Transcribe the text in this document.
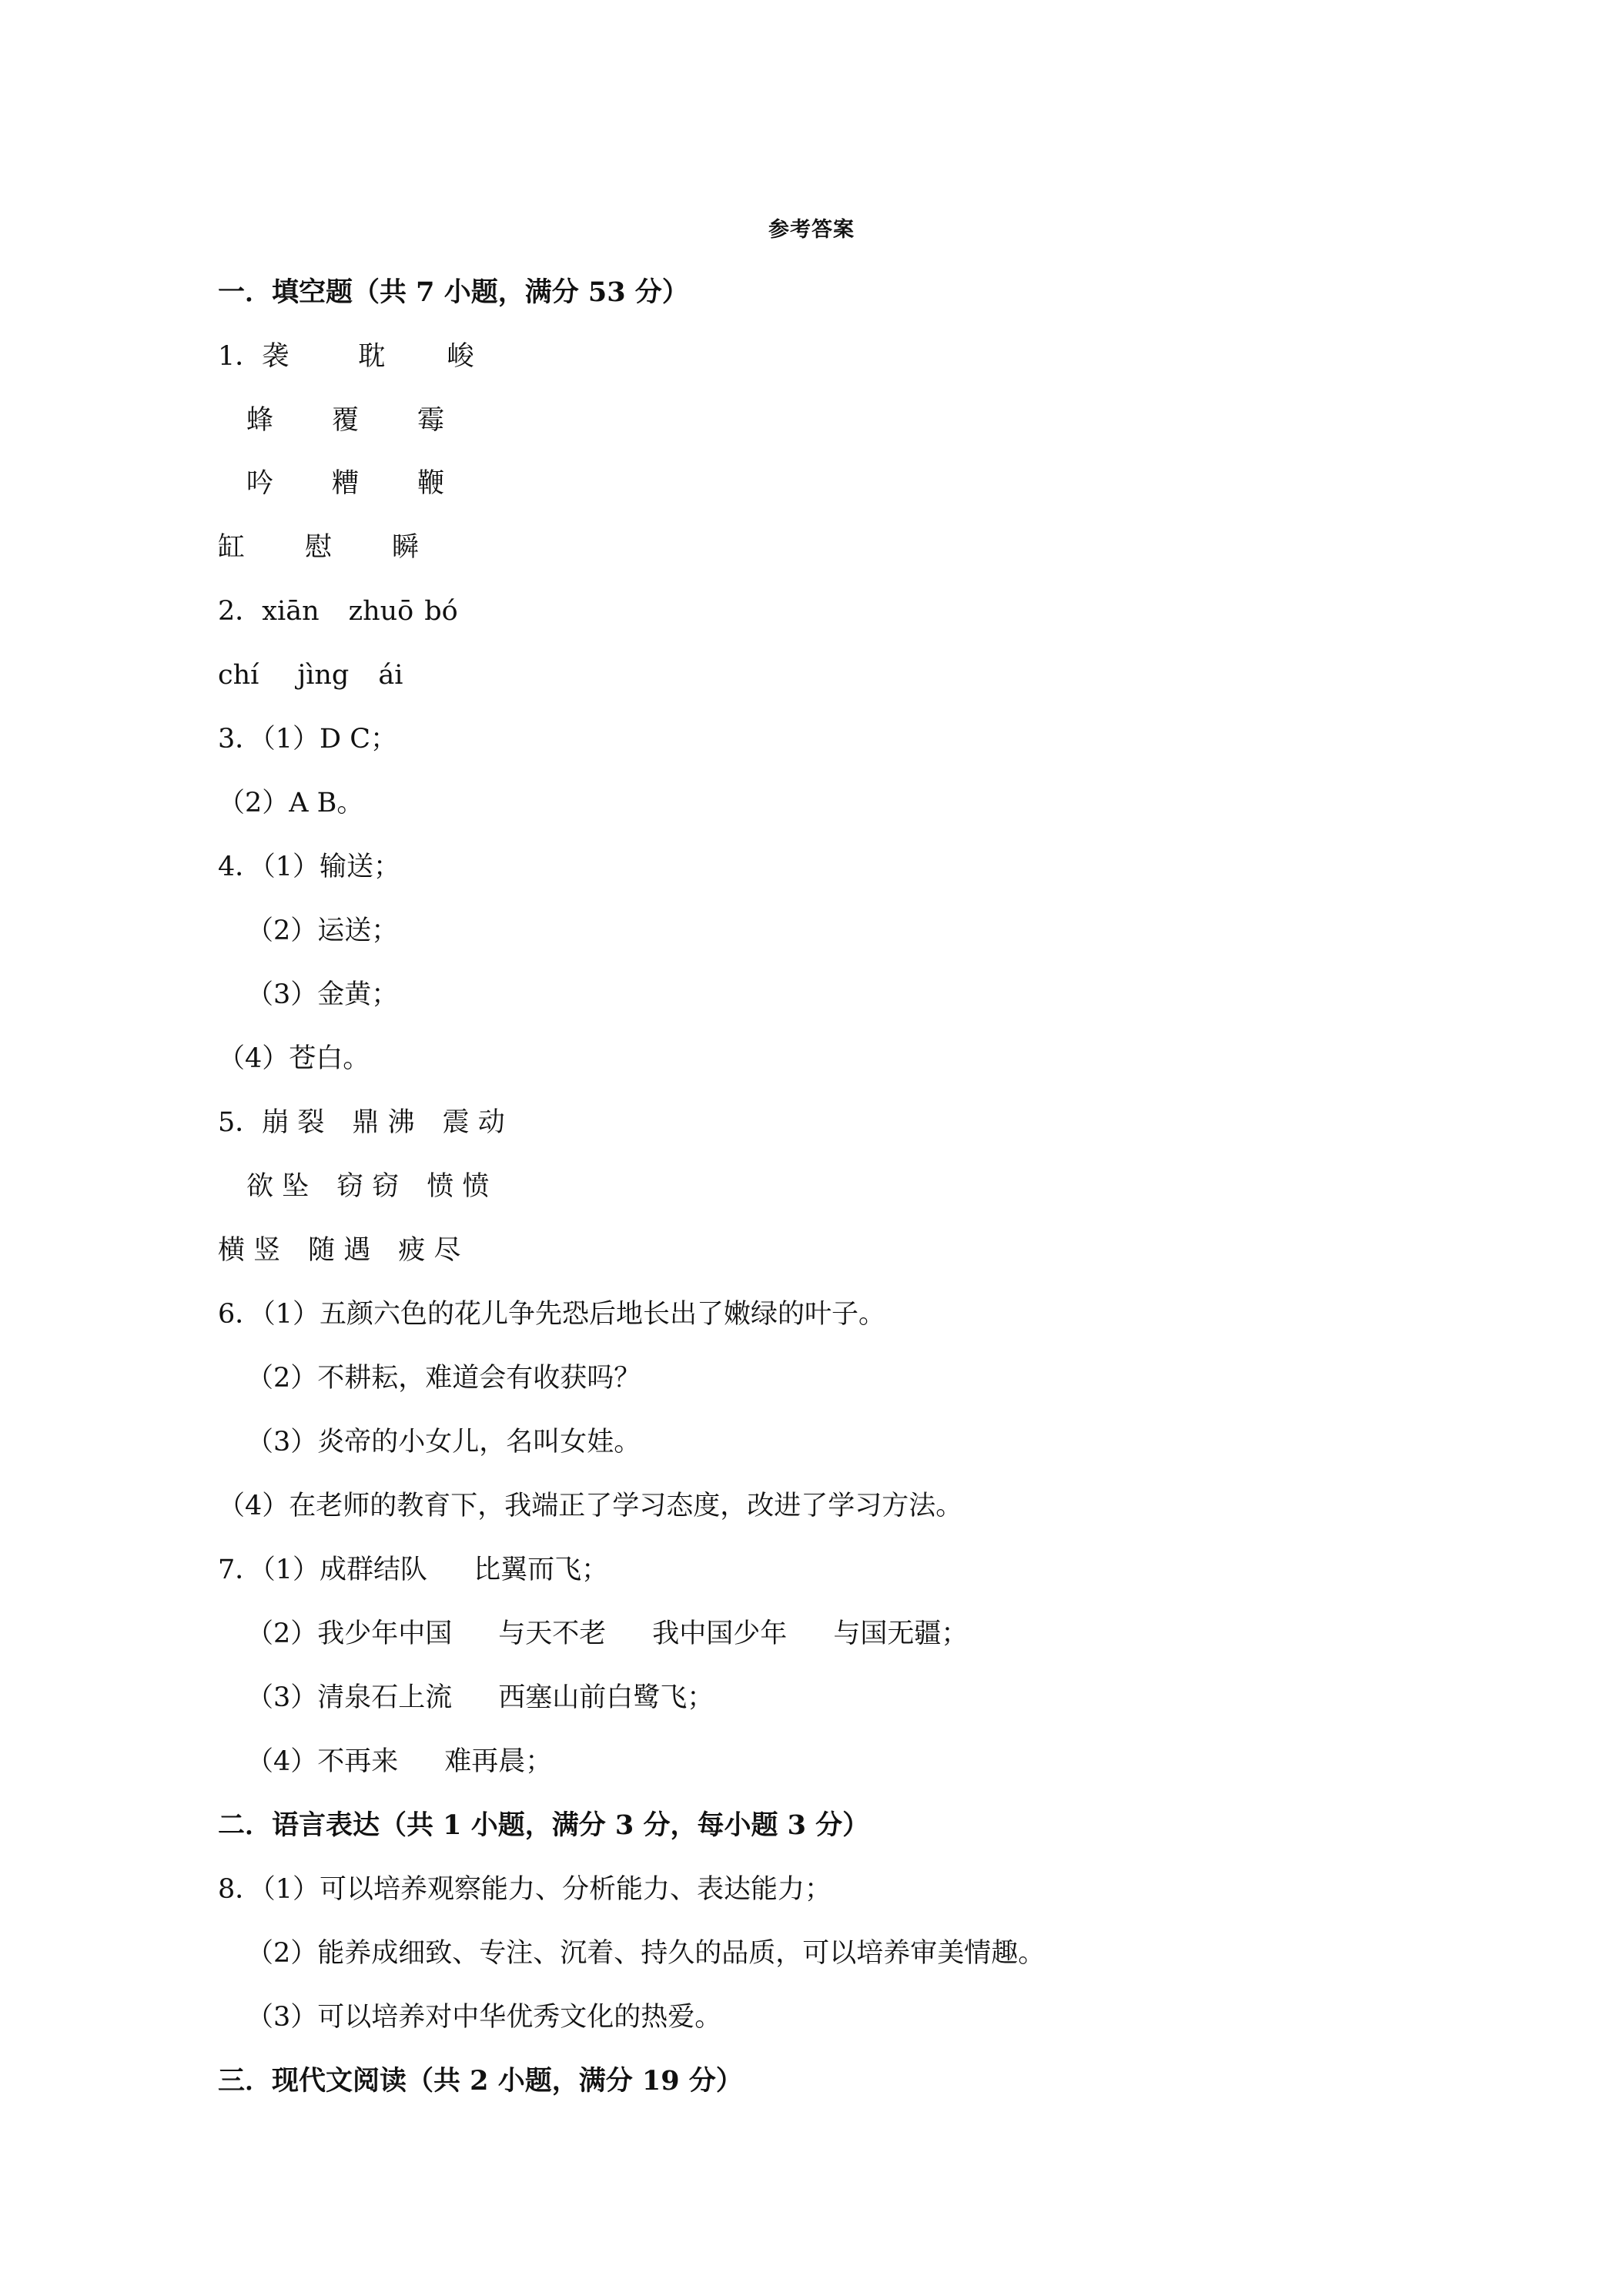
参考答案
一．填空题（共 7 小题，满分 53 分）
1．袭	耽 峻
蜂 覆 霉
吟 糟 鞭
缸 慰 瞬
2．xiān zhuō bó
chí jìng ái
3．（1）D C；
（2）A B。
4．（1）输送；
（2）运送；
（3）金黄；
（4）苍白。
5．崩 裂 鼎 沸 震 动
欲 坠 窃 窃 愤 愤
横 竖 随 遇 疲 尽
6．（1）五颜六色的花儿争先恐后地长出了嫩绿的叶子。
（2）不耕耘，难道会有收获吗？
（3）炎帝的小女儿，名叫女娃。
（4）在老师的教育下，我端正了学习态度，改进了学习方法。
7．（1）成群结队 比翼而飞；
（2）我少年中国 与天不老 我中国少年 与国无疆；
（3）清泉石上流 西塞山前白鹭飞；
（4）不再来 难再晨；
二．语言表达（共 1 小题，满分 3 分，每小题 3 分）
8．（1）可以培养观察能力、分析能力、表达能力；
（2）能养成细致、专注、沉着、持久的品质，可以培养审美情趣。
（3）可以培养对中华优秀文化的热爱。
三．现代文阅读（共 2 小题，满分 19 分）
